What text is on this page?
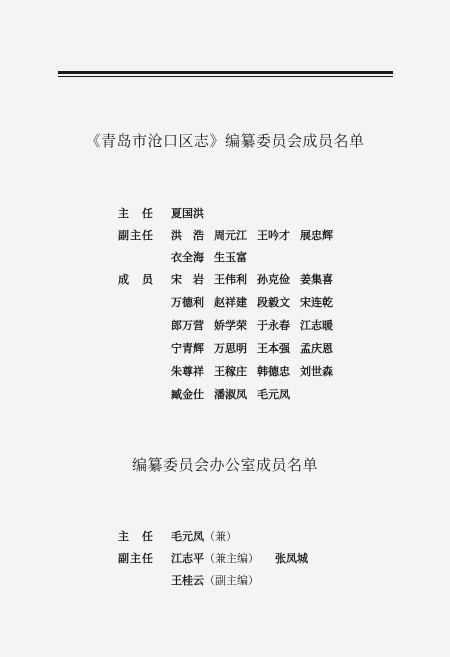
《青岛市沧口区志》编纂委员会成员名单
主　任	夏国洪
副主任	洪　浩 周元江 王吟才 展忠辉
衣全海 生玉富
成　员	宋　岩 王伟利 孙克俭 姜集喜
万德利 赵祥建 段毅文 宋连乾
郎万营 娇学荣 于永春 江志暖
宁青辉 万思明 王本强 孟庆恩
朱尊祥 王稼庄 韩德忠 刘世森
臧金仕 潘淑凤 毛元凤
编纂委员会办公室成员名单
主　任	毛元凤（兼）
副主任	江志平（兼主编） 张凤城
王桂云（副主编）
